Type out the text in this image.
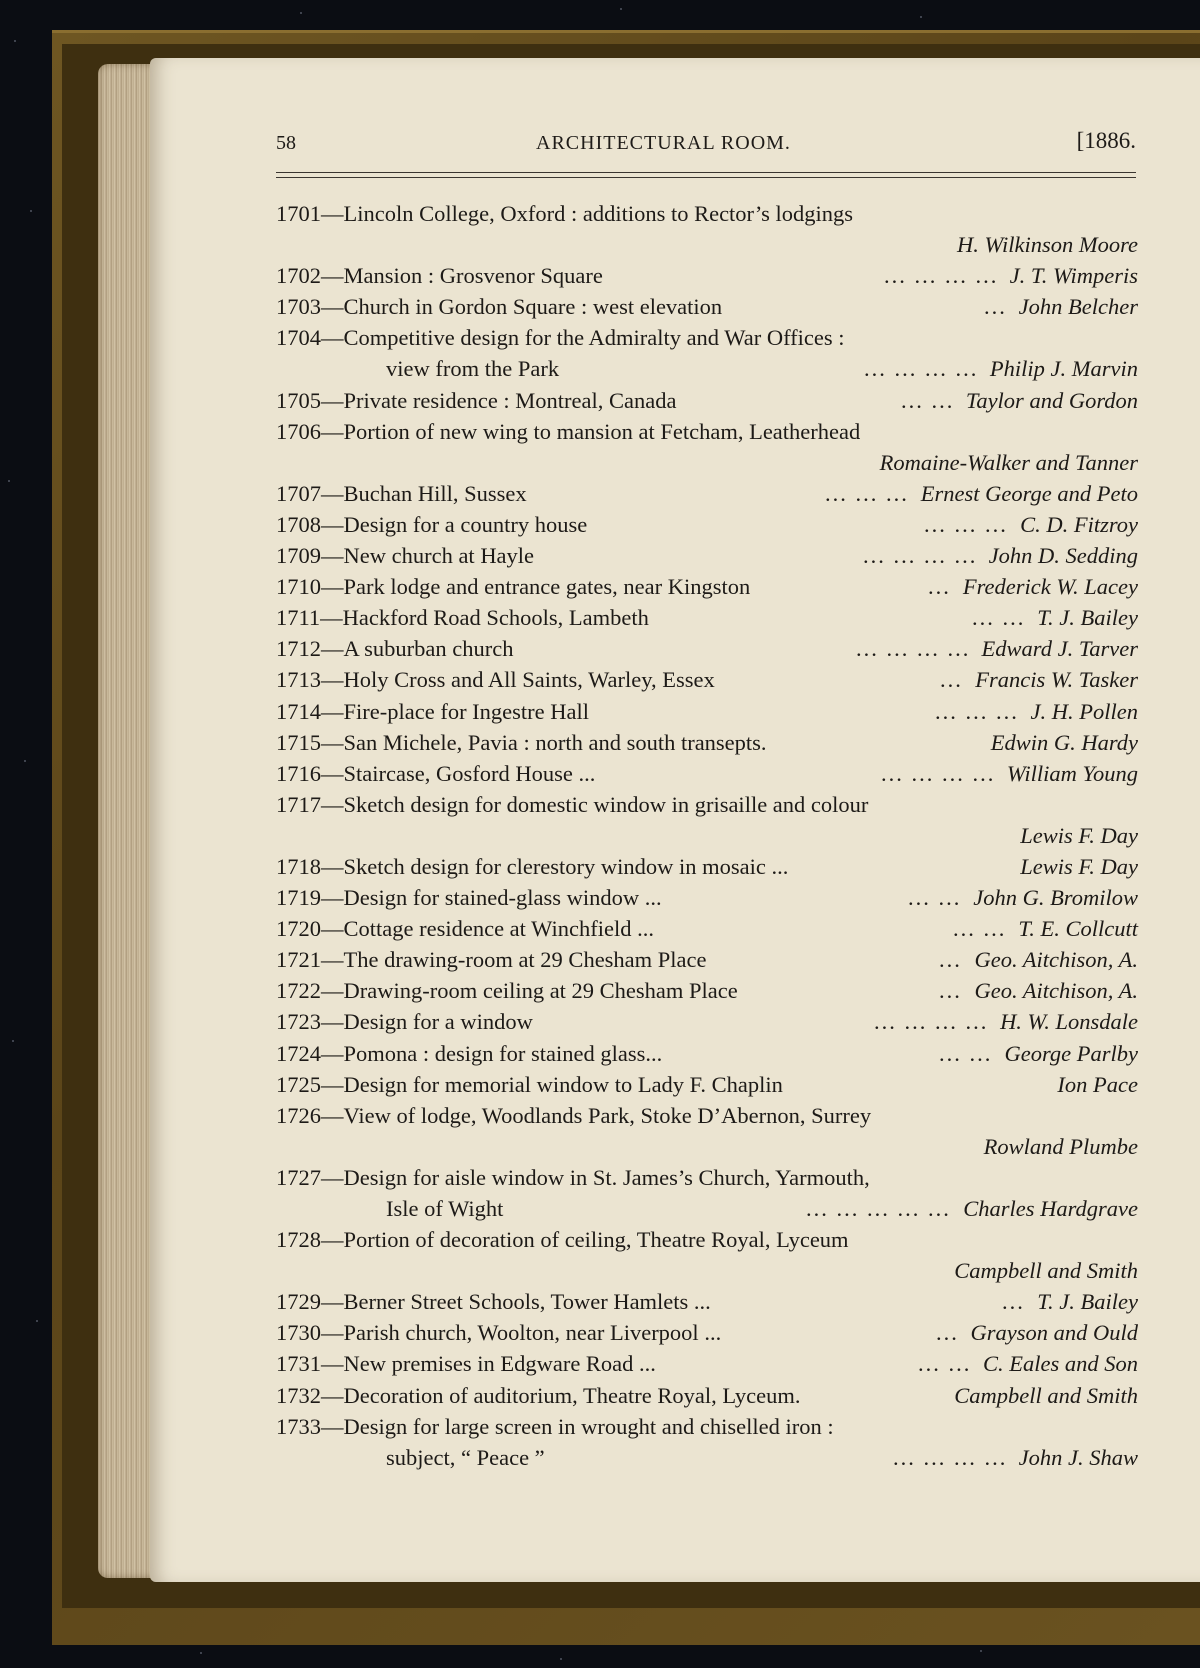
58	ARCHITECTURAL ROOM.	[1886.
1701—Lincoln College, Oxford : additions to Rector’s lodgings
H. Wilkinson Moore
1702—Mansion : Grosvenor Square	... ... ... ... J. T. Wimperis
1703—Church in Gordon Square : west elevation	... John Belcher
1704—Competitive design for the Admiralty and War Offices :
view from the Park	... ... ... ... Philip J. Marvin
1705—Private residence : Montreal, Canada	... ... Taylor and Gordon
1706—Portion of new wing to mansion at Fetcham, Leatherhead
Romaine-Walker and Tanner
1707—Buchan Hill, Sussex	... ... ... Ernest George and Peto
1708—Design for a country house	... ... ... C. D. Fitzroy
1709—New church at Hayle	... ... ... ... John D. Sedding
1710—Park lodge and entrance gates, near Kingston	... Frederick W. Lacey
1711—Hackford Road Schools, Lambeth	... ... T. J. Bailey
1712—A suburban church	... ... ... ... Edward J. Tarver
1713—Holy Cross and All Saints, Warley, Essex	... Francis W. Tasker
1714—Fire-place for Ingestre Hall	... ... ... J. H. Pollen
1715—San Michele, Pavia : north and south transepts.	Edwin G. Hardy
1716—Staircase, Gosford House ...	... ... ... ... William Young
1717—Sketch design for domestic window in grisaille and colour
Lewis F. Day
1718—Sketch design for clerestory window in mosaic ...	Lewis F. Day
1719—Design for stained-glass window ...	... ... John G. Bromilow
1720—Cottage residence at Winchfield ...	... ... T. E. Collcutt
1721—The drawing-room at 29 Chesham Place	... Geo. Aitchison, A.
1722—Drawing-room ceiling at 29 Chesham Place	... Geo. Aitchison, A.
1723—Design for a window	... ... ... ... H. W. Lonsdale
1724—Pomona : design for stained glass...	... ... George Parlby
1725—Design for memorial window to Lady F. Chaplin	Ion Pace
1726—View of lodge, Woodlands Park, Stoke D’Abernon, Surrey
Rowland Plumbe
1727—Design for aisle window in St. James’s Church, Yarmouth,
Isle of Wight	... ... ... ... ... Charles Hardgrave
1728—Portion of decoration of ceiling, Theatre Royal, Lyceum
Campbell and Smith
1729—Berner Street Schools, Tower Hamlets ...	... T. J. Bailey
1730—Parish church, Woolton, near Liverpool ...	... Grayson and Ould
1731—New premises in Edgware Road ...	... ... C. Eales and Son
1732—Decoration of auditorium, Theatre Royal, Lyceum.	Campbell and Smith
1733—Design for large screen in wrought and chiselled iron :
subject, “ Peace ”	... ... ... ... John J. Shaw
